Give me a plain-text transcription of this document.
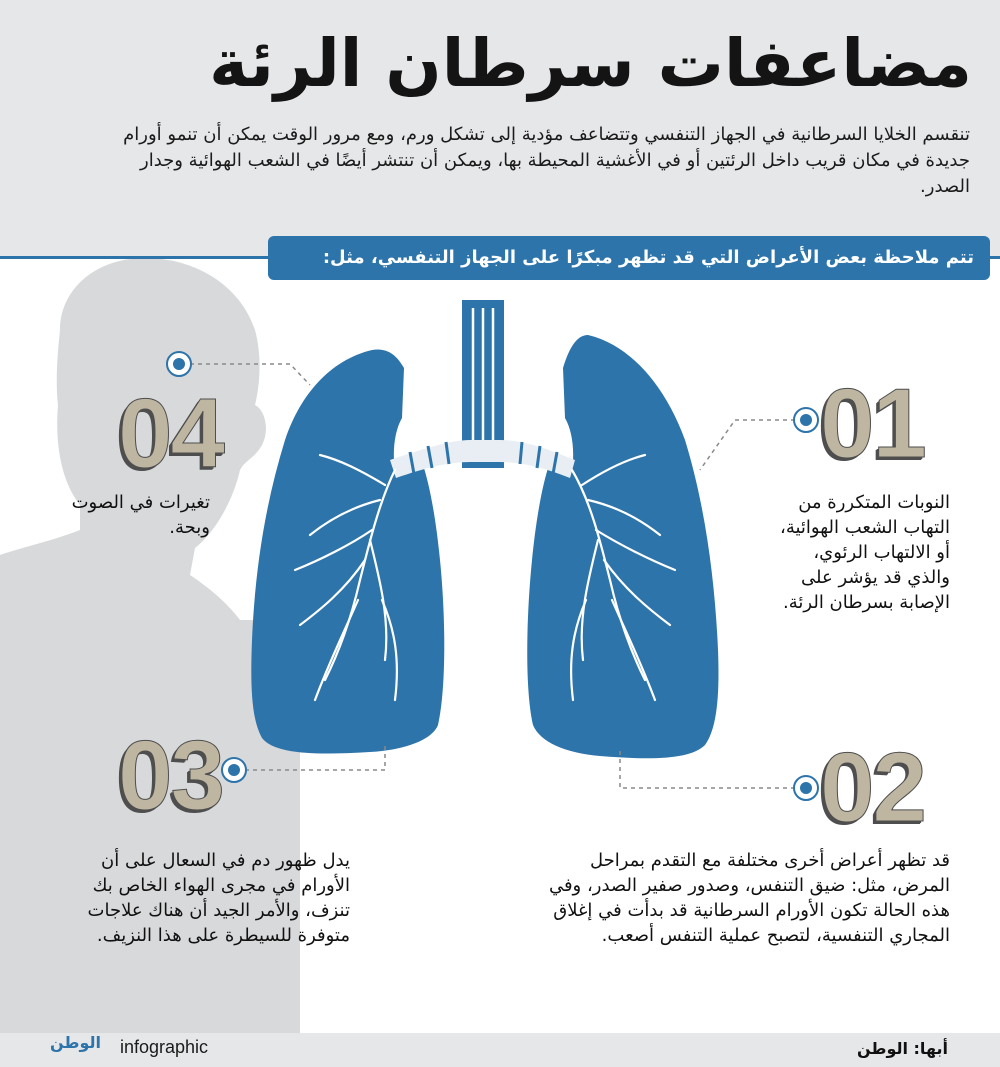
مضاعفات سرطان الرئة
تنقسم الخلايا السرطانية في الجهاز التنفسي وتتضاعف مؤدية إلى تشكل ورم، ومع مرور الوقت يمكن أن تنمو أورام جديدة في مكان قريب داخل الرئتين أو في الأغشية المحيطة بها، ويمكن أن تنتشر أيضًا في الشعب الهوائية وجدار الصدر.
تتم ملاحظة بعض الأعراض التي قد تظهر مبكرًا على الجهاز التنفسي، مثل:
04
تغيرات في الصوت وبحة.
01
النوبات المتكررة من التهاب الشعب الهوائية، أو الالتهاب الرئوي، والذي قد يؤشر على الإصابة بسرطان الرئة.
03
يدل ظهور دم في السعال على أن الأورام في مجرى الهواء الخاص بك تنزف، والأمر الجيد أن هناك علاجات متوفرة للسيطرة على هذا النزيف.
02
قد تظهر أعراض أخرى مختلفة مع التقدم بمراحل المرض، مثل: ضيق التنفس، وصدور صفير الصدر، وفي هذه الحالة تكون الأورام السرطانية قد بدأت في إغلاق المجاري التنفسية، لتصبح عملية التنفس أصعب.
أبها: الوطن
الوطن infographic
